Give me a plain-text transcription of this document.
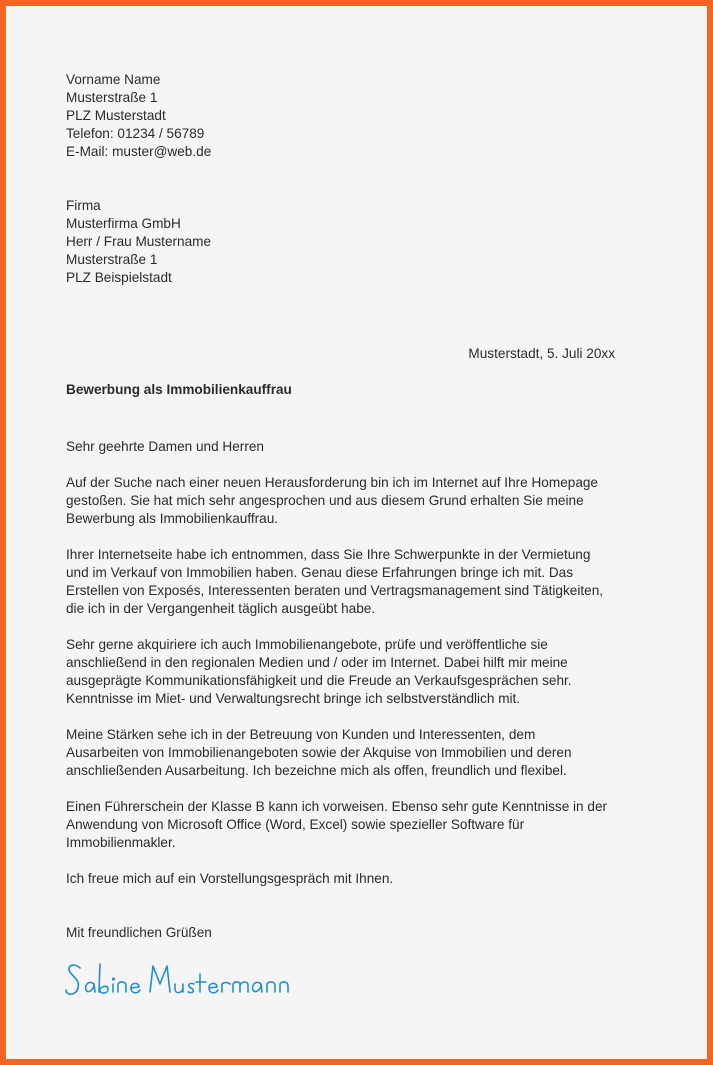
Vorname Name
Musterstraße 1
PLZ Musterstadt
Telefon: 01234 / 56789
E-Mail: muster@web.de
Firma
Musterfirma GmbH
Herr / Frau Mustername
Musterstraße 1
PLZ Beispielstadt
Musterstadt, 5. Juli 20xx
Bewerbung als Immobilienkauffrau
Sehr geehrte Damen und Herren
Auf der Suche nach einer neuen Herausforderung bin ich im Internet auf Ihre Homepage
gestoßen. Sie hat mich sehr angesprochen und aus diesem Grund erhalten Sie meine
Bewerbung als Immobilienkauffrau.
Ihrer Internetseite habe ich entnommen, dass Sie Ihre Schwerpunkte in der Vermietung
und im Verkauf von Immobilien haben. Genau diese Erfahrungen bringe ich mit. Das
Erstellen von Exposés, Interessenten beraten und Vertragsmanagement sind Tätigkeiten,
die ich in der Vergangenheit täglich ausgeübt habe.
Sehr gerne akquiriere ich auch Immobilienangebote, prüfe und veröffentliche sie
anschließend in den regionalen Medien und / oder im Internet. Dabei hilft mir meine
ausgeprägte Kommunikationsfähigkeit und die Freude an Verkaufsgesprächen sehr.
Kenntnisse im Miet- und Verwaltungsrecht bringe ich selbstverständlich mit.
Meine Stärken sehe ich in der Betreuung von Kunden und Interessenten, dem
Ausarbeiten von Immobilienangeboten sowie der Akquise von Immobilien und deren
anschließenden Ausarbeitung. Ich bezeichne mich als offen, freundlich und flexibel.
Einen Führerschein der Klasse B kann ich vorweisen. Ebenso sehr gute Kenntnisse in der
Anwendung von Microsoft Office (Word, Excel) sowie spezieller Software für
Immobilienmakler.
Ich freue mich auf ein Vorstellungsgespräch mit Ihnen.
Mit freundlichen Grüßen
